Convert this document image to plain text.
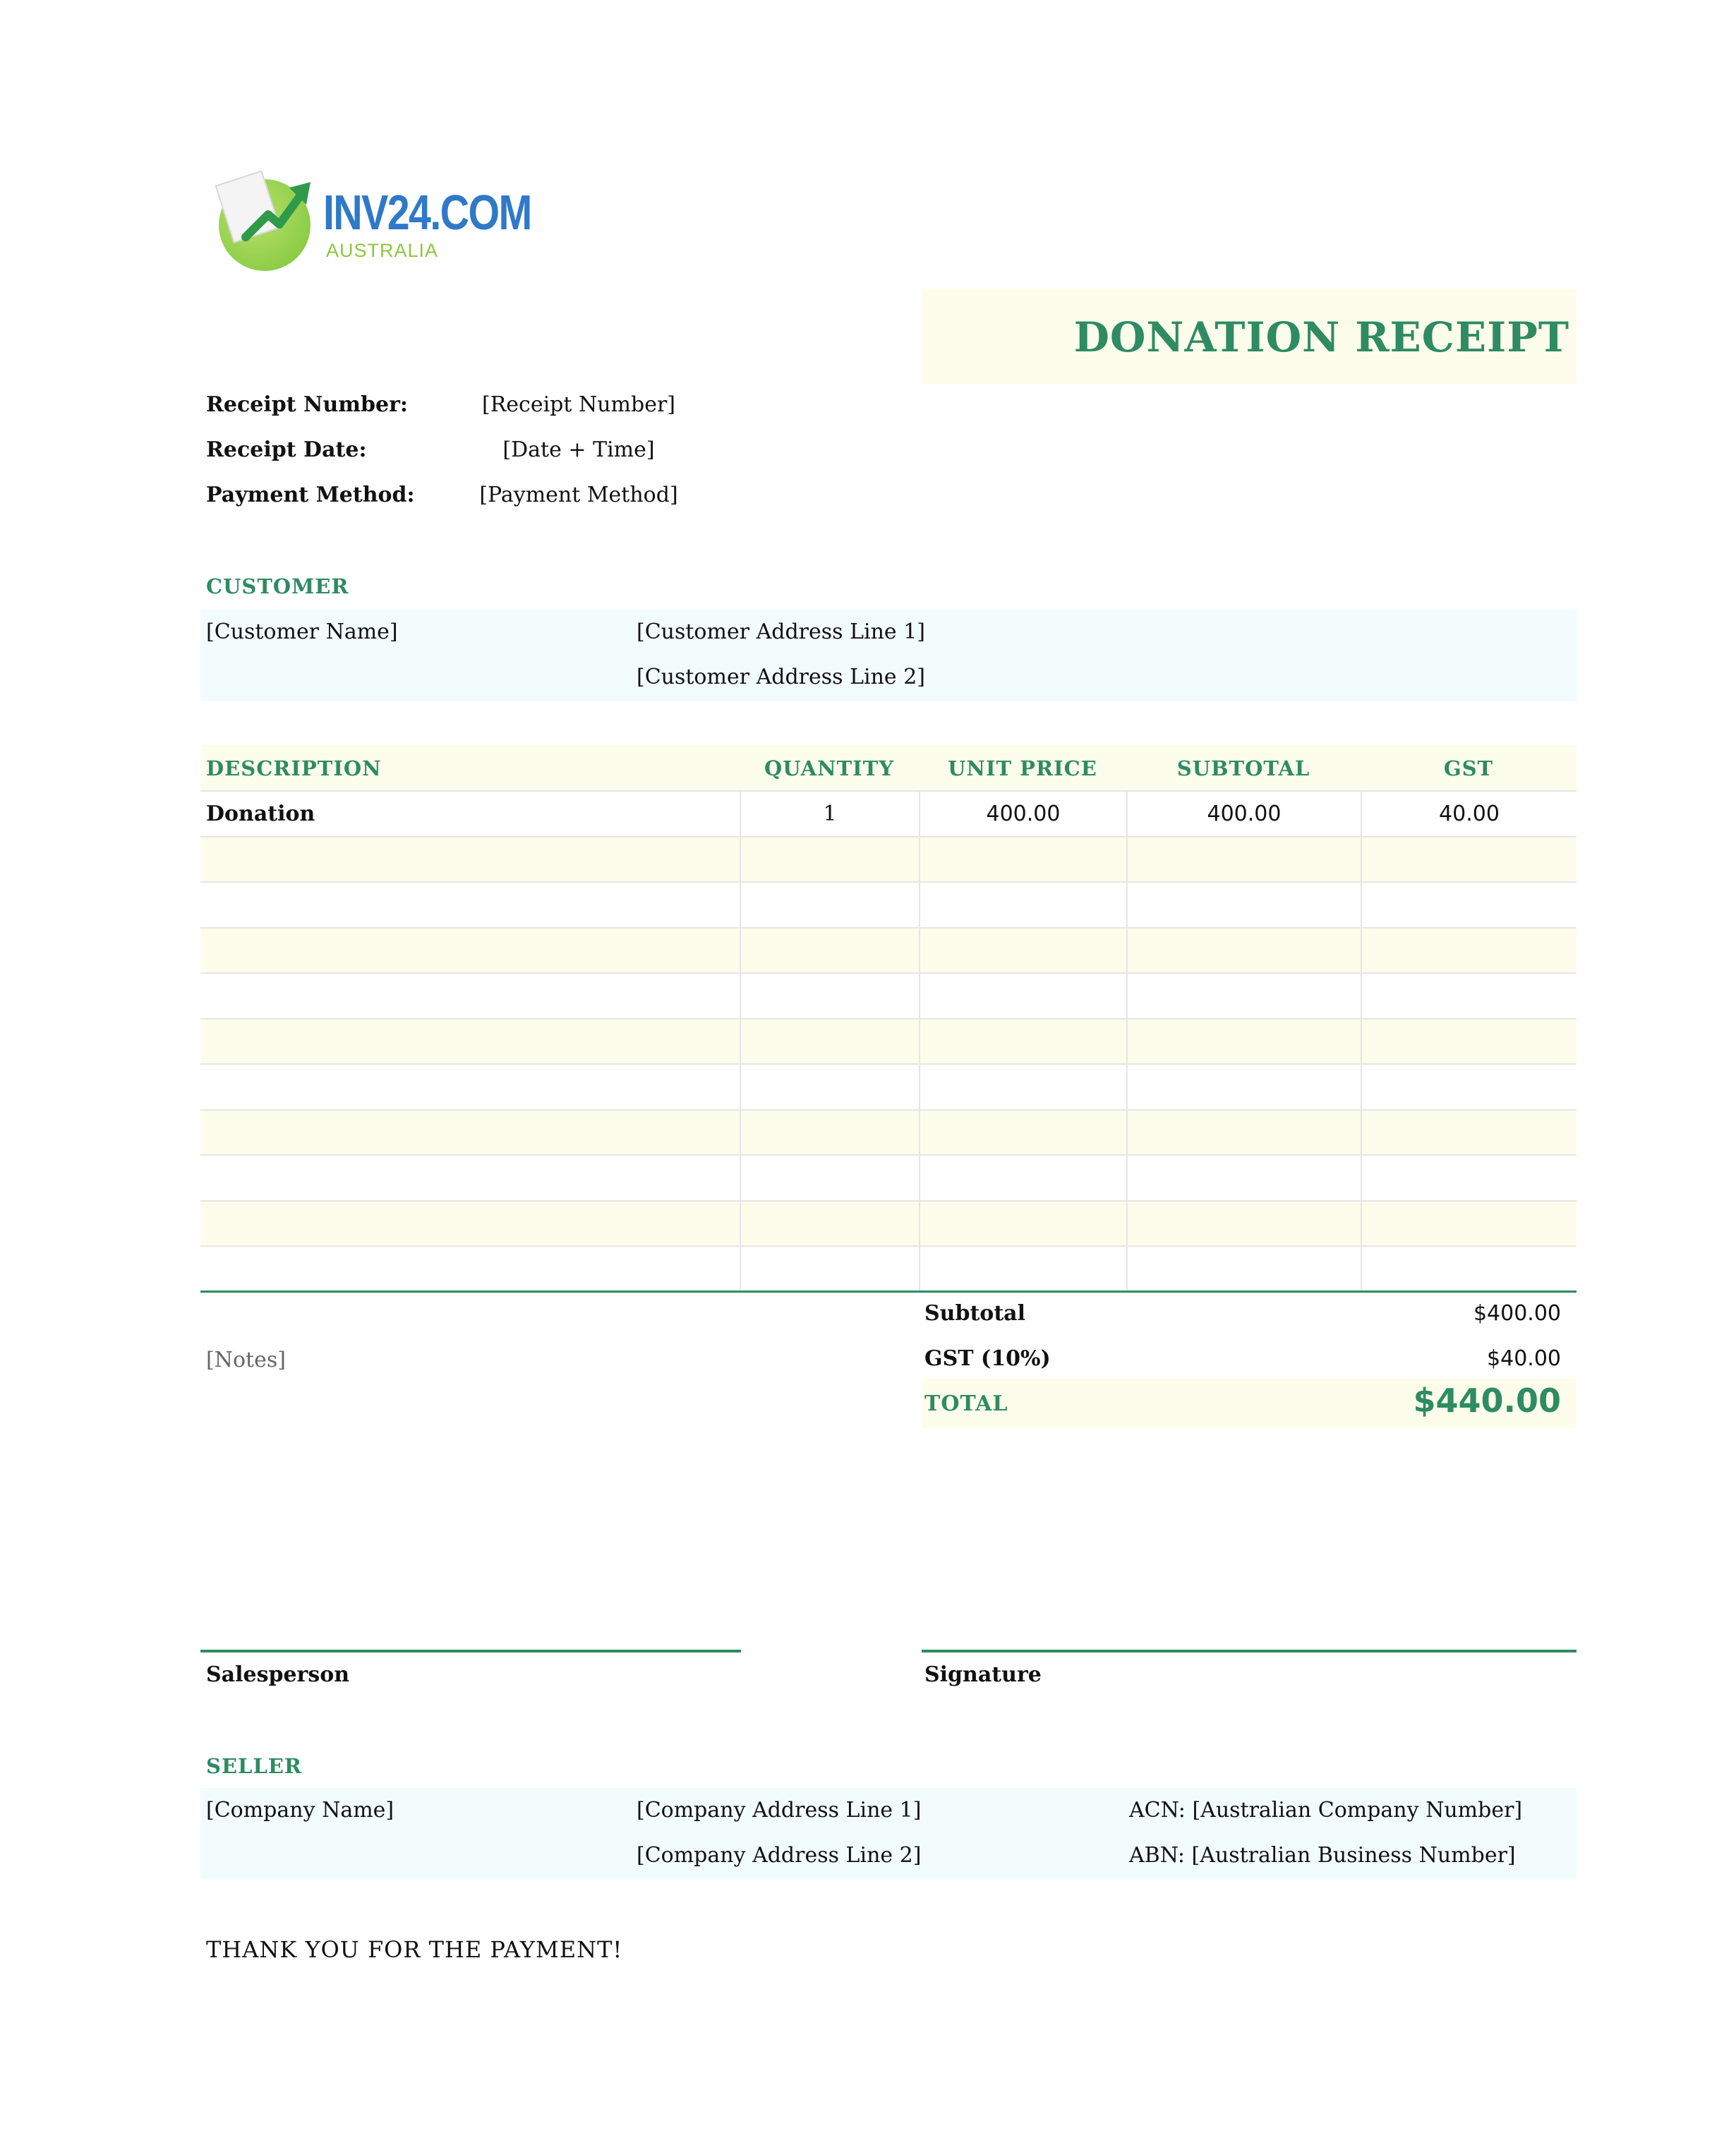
INV24.COM
AUSTRALIA
DONATION RECEIPT
Receipt Number:	[Receipt Number]
Receipt Date:	[Date + Time]
Payment Method:	[Payment Method]
CUSTOMER
[Customer Name]	[Customer Address Line 1]
[Customer Address Line 2]
DESCRIPTION	QUANTITY	UNIT PRICE	SUBTOTAL	GST
Donation	1	400.00	400.00	40.00
Subtotal	$400.00
GST (10%)	$40.00
TOTAL	$440.00
[Notes]
Salesperson	Signature
SELLER
[Company Name]	[Company Address Line 1]
[Company Address Line 2]
ACN: [Australian Company Number]
ABN: [Australian Business Number]
THANK YOU FOR THE PAYMENT!
